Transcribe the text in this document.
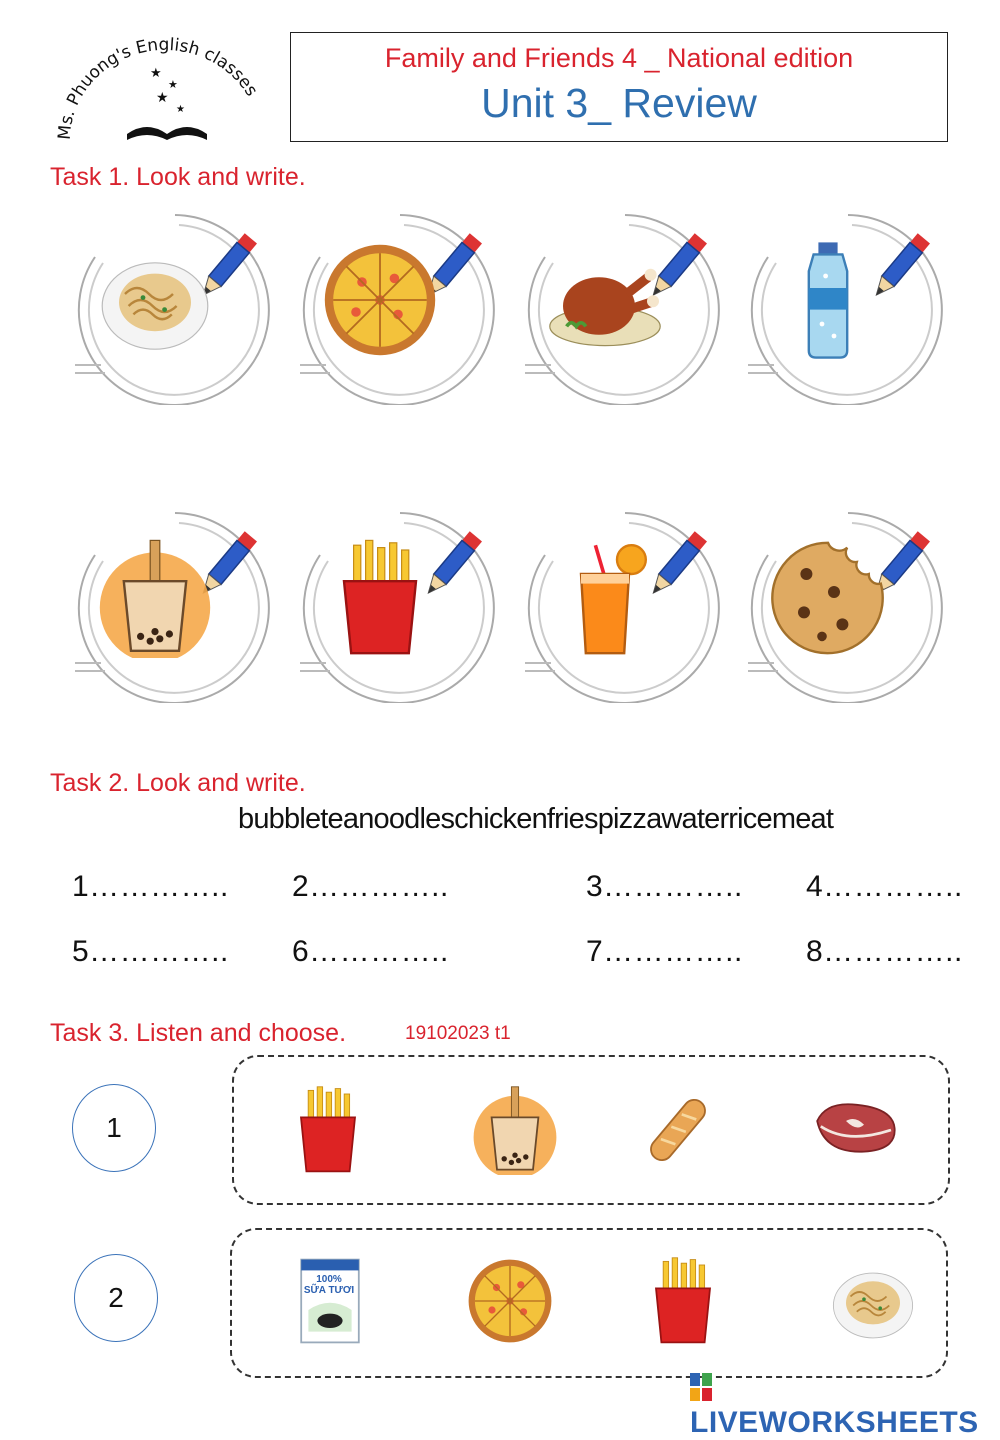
Ms. Phuong's English classes
★
★
★
★
Family and Friends 4 _ National edition
Unit 3_ Review
Task 1. Look and write.
Task 2. Look and write.
bubbleteanoodleschickenfriespizzawaterricemeat
1………….. 2…………..	3………….. 4…………..
5………….. 6…………..	7………….. 8…………..
Task 3. Listen and choose.	19102023 t1
1
2
100%
SỮA TƯƠI
LIVEWORKSHEETS
